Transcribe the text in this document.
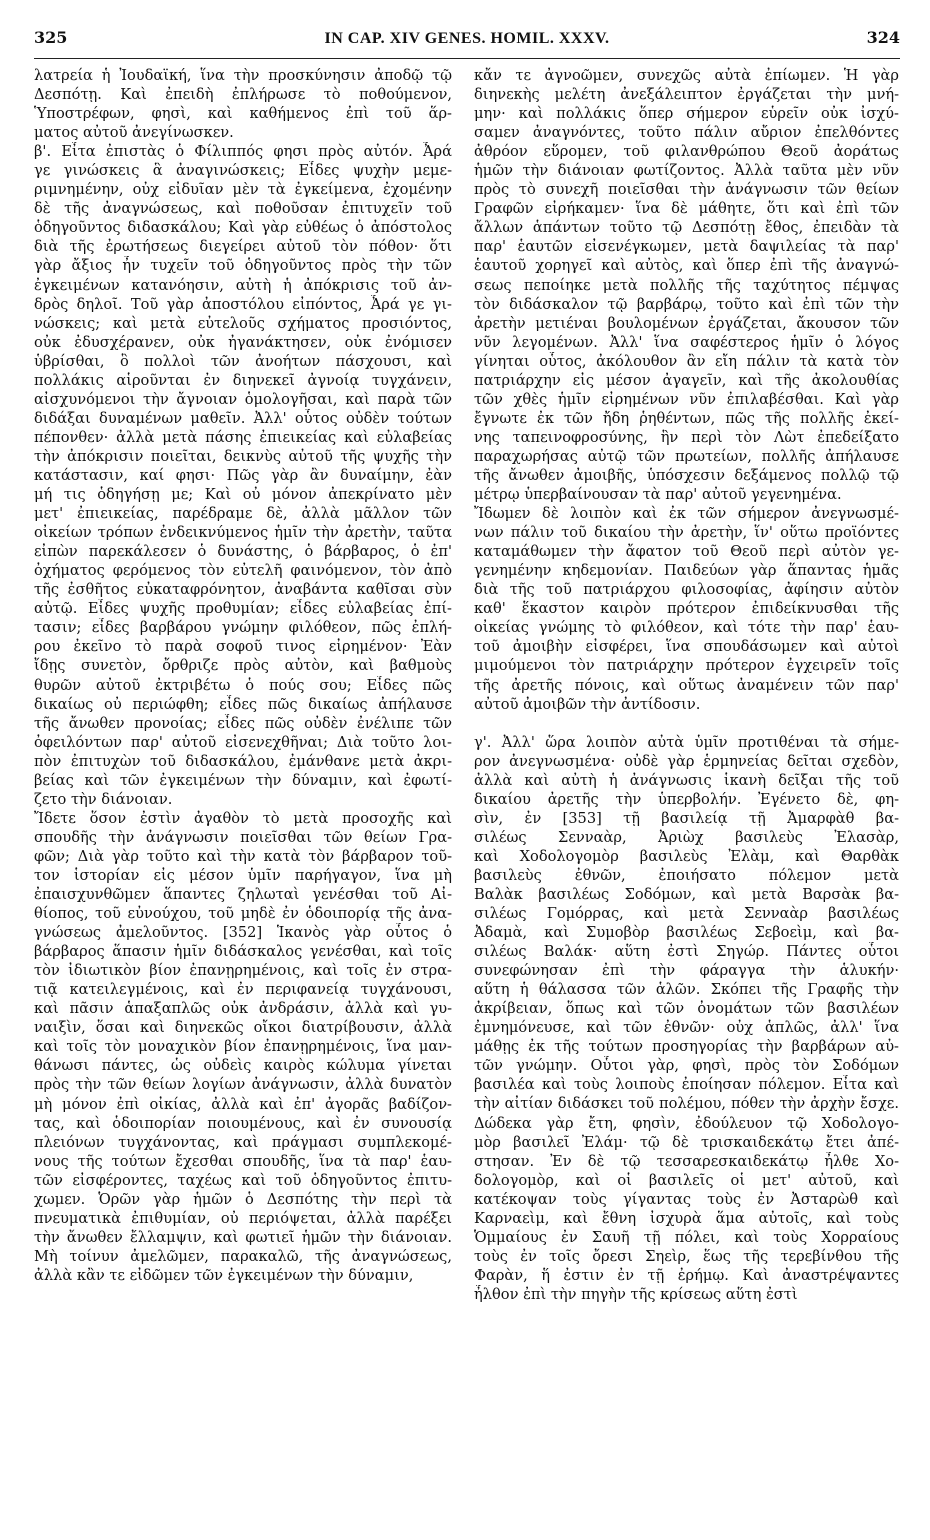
325	IN CAP. XIV GENES. HOMIL. XXXV.	324
λατρεία ἡ Ἰουδαϊκή, ἵνα τὴν προσκύνησιν ἀποδῷ τῷ
Δεσπότῃ. Καὶ ἐπειδὴ ἐπλήρωσε τὸ ποθούμενον,
Ὑποστρέφων, φησὶ, καὶ καθήμενος ἐπὶ τοῦ ἅρ-
ματος αὐτοῦ ἀνεγίνωσκεν.
β'. Εἶτα ἐπιστὰς ὁ Φίλιππός φησι πρὸς αὐτόν. Ἆρά
γε γινώσκεις ἃ ἀναγινώσκεις; Εἶδες ψυχὴν μεμε-
ριμνημένην, οὐχ εἰδυῖαν μὲν τὰ ἐγκείμενα, ἐχομένην
δὲ τῆς ἀναγνώσεως, καὶ ποθοῦσαν ἐπιτυχεῖν τοῦ
ὁδηγοῦντος διδασκάλου; Καὶ γὰρ εὐθέως ὁ ἀπόστολος
διὰ τῆς ἐρωτήσεως διεγείρει αὐτοῦ τὸν πόθον· ὅτι
γὰρ ἄξιος ἦν τυχεῖν τοῦ ὁδηγοῦντος πρὸς τὴν τῶν
ἐγκειμένων κατανόησιν, αὐτὴ ἡ ἀπόκρισις τοῦ ἀν-
δρὸς δηλοῖ. Τοῦ γὰρ ἀποστόλου εἰπόντος, Ἆρά γε γι-
νώσκεις; καὶ μετὰ εὐτελοῦς σχήματος προσιόντος,
οὐκ ἐδυσχέρανεν, οὐκ ἠγανάκτησεν, οὐκ ἐνόμισεν
ὑβρίσθαι, ὃ πολλοὶ τῶν ἀνοήτων πάσχουσι, καὶ
πολλάκις αἱροῦνται ἐν διηνεκεῖ ἀγνοίᾳ τυγχάνειν,
αἰσχυνόμενοι τὴν ἄγνοιαν ὁμολογῆσαι, καὶ παρὰ τῶν
διδάξαι δυναμένων μαθεῖν. Ἀλλ' οὗτος οὐδὲν τούτων
πέπονθεν· ἀλλὰ μετὰ πάσης ἐπιεικείας καὶ εὐλαβείας
τὴν ἀπόκρισιν ποιεῖται, δεικνὺς αὐτοῦ τῆς ψυχῆς τὴν
κατάστασιν, καί φησι· Πῶς γὰρ ἂν δυναίμην, ἐὰν
μή τις ὁδηγήσῃ με; Καὶ οὐ μόνον ἀπεκρίνατο μὲν
μετ' ἐπιεικείας, παρέδραμε δὲ, ἀλλὰ μᾶλλον τῶν
οἰκείων τρόπων ἐνδεικνύμενος ἡμῖν τὴν ἀρετὴν, ταῦτα
εἰπὼν παρεκάλεσεν ὁ δυνάστης, ὁ βάρβαρος, ὁ ἐπ'
ὀχήματος φερόμενος τὸν εὐτελῆ φαινόμενον, τὸν ἀπὸ
τῆς ἐσθῆτος εὐκαταφρόνητον, ἀναβάντα καθῖσαι σὺν
αὐτῷ. Εἶδες ψυχῆς προθυμίαν; εἶδες εὐλαβείας ἐπί-
τασιν; εἶδες βαρβάρου γνώμην φιλόθεον, πῶς ἐπλή-
ρου ἐκεῖνο τὸ παρὰ σοφοῦ τινος εἰρημένον· Ἐὰν
ἴδῃς συνετὸν, ὄρθριζε πρὸς αὐτὸν, καὶ βαθμοὺς
θυρῶν αὐτοῦ ἐκτριβέτω ὁ πούς σου; Εἶδες πῶς
δικαίως οὐ περιώφθη; εἶδες πῶς δικαίως ἀπήλαυσε
τῆς ἄνωθεν προνοίας; εἶδες πῶς οὐδὲν ἐνέλιπε τῶν
ὀφειλόντων παρ' αὐτοῦ εἰσενεχθῆναι; Διὰ τοῦτο λοι-
πὸν ἐπιτυχὼν τοῦ διδασκάλου, ἐμάνθανε μετὰ ἀκρι-
βείας καὶ τῶν ἐγκειμένων τὴν δύναμιν, καὶ ἐφωτί-
ζετο τὴν διάνοιαν.
Ἴδετε ὅσον ἐστὶν ἀγαθὸν τὸ μετὰ προσοχῆς καὶ
σπουδῆς τὴν ἀνάγνωσιν ποιεῖσθαι τῶν θείων Γρα-
φῶν; Διὰ γὰρ τοῦτο καὶ τὴν κατὰ τὸν βάρβαρον τοῦ-
τον ἱστορίαν εἰς μέσον ὑμῖν παρήγαγον, ἵνα μὴ
ἐπαισχυνθῶμεν ἅπαντες ζηλωταὶ γενέσθαι τοῦ Αἰ-
θίοπος, τοῦ εὐνούχου, τοῦ μηδὲ ἐν ὁδοιπορίᾳ τῆς ἀνα-
γνώσεως ἀμελοῦντος. [352] Ἱκανὸς γὰρ οὗτος ὁ
βάρβαρος ἅπασιν ἡμῖν διδάσκαλος γενέσθαι, καὶ τοῖς
τὸν ἰδιωτικὸν βίον ἐπανῃρημένοις, καὶ τοῖς ἐν στρα-
τιᾷ κατειλεγμένοις, καὶ ἐν περιφανείᾳ τυγχάνουσι,
καὶ πᾶσιν ἁπαξαπλῶς οὐκ ἀνδράσιν, ἀλλὰ καὶ γυ-
ναιξὶν, ὅσαι καὶ διηνεκῶς οἴκοι διατρίβουσιν, ἀλλὰ
καὶ τοῖς τὸν μοναχικὸν βίον ἐπανῃρημένοις, ἵνα μαν-
θάνωσι πάντες, ὡς οὐδεὶς καιρὸς κώλυμα γίνεται
πρὸς τὴν τῶν θείων λογίων ἀνάγνωσιν, ἀλλὰ δυνατὸν
μὴ μόνον ἐπὶ οἰκίας, ἀλλὰ καὶ ἐπ' ἀγορᾶς βαδίζον-
τας, καὶ ὁδοιπορίαν ποιουμένους, καὶ ἐν συνουσίᾳ
πλειόνων τυγχάνοντας, καὶ πράγμασι συμπλεκομέ-
νους τῆς τούτων ἔχεσθαι σπουδῆς, ἵνα τὰ παρ' ἑαυ-
τῶν εἰσφέροντες, ταχέως καὶ τοῦ ὁδηγοῦντος ἐπιτυ-
χωμεν. Ὁρῶν γὰρ ἡμῶν ὁ Δεσπότης τὴν περὶ τὰ
πνευματικὰ ἐπιθυμίαν, οὐ περιόψεται, ἀλλὰ παρέξει
τὴν ἄνωθεν ἔλλαμψιν, καὶ φωτιεῖ ἡμῶν τὴν διάνοιαν.
Μὴ τοίνυν ἀμελῶμεν, παρακαλῶ, τῆς ἀναγνώσεως,
ἀλλὰ κἂν τε εἰδῶμεν τῶν ἐγκειμένων τὴν δύναμιν,
κἄν τε ἀγνοῶμεν, συνεχῶς αὐτὰ ἐπίωμεν. Ἡ γὰρ
διηνεκὴς μελέτη ἀνεξάλειπτον ἐργάζεται τὴν μνή-
μην· καὶ πολλάκις ὅπερ σήμερον εὑρεῖν οὐκ ἰσχύ-
σαμεν ἀναγνόντες, τοῦτο πάλιν αὔριον ἐπελθόντες
ἀθρόον εὕρομεν, τοῦ φιλανθρώπου Θεοῦ ἀοράτως
ἡμῶν τὴν διάνοιαν φωτίζοντος. Ἀλλὰ ταῦτα μὲν νῦν
πρὸς τὸ συνεχῆ ποιεῖσθαι τὴν ἀνάγνωσιν τῶν θείων
Γραφῶν εἰρήκαμεν· ἵνα δὲ μάθητε, ὅτι καὶ ἐπὶ τῶν
ἄλλων ἁπάντων τοῦτο τῷ Δεσπότῃ ἔθος, ἐπειδὰν τὰ
παρ' ἑαυτῶν εἰσενέγκωμεν, μετὰ δαψιλείας τὰ παρ'
ἑαυτοῦ χορηγεῖ καὶ αὐτὸς, καὶ ὅπερ ἐπὶ τῆς ἀναγνώ-
σεως πεποίηκε μετὰ πολλῆς τῆς ταχύτητος πέμψας
τὸν διδάσκαλον τῷ βαρβάρῳ, τοῦτο καὶ ἐπὶ τῶν τὴν
ἀρετὴν μετιέναι βουλομένων ἐργάζεται, ἄκουσον τῶν
νῦν λεγομένων. Ἀλλ' ἵνα σαφέστερος ἡμῖν ὁ λόγος
γίνηται οὗτος, ἀκόλουθον ἂν εἴη πάλιν τὰ κατὰ τὸν
πατριάρχην εἰς μέσον ἀγαγεῖν, καὶ τῆς ἀκολουθίας
τῶν χθὲς ἡμῖν εἰρημένων νῦν ἐπιλαβέσθαι. Καὶ γὰρ
ἔγνωτε ἐκ τῶν ἤδη ῥηθέντων, πῶς τῆς πολλῆς ἐκεί-
νης ταπεινοφροσύνης, ἣν περὶ τὸν Λὼτ ἐπεδείξατο
παραχωρήσας αὐτῷ τῶν πρωτείων, πολλῆς ἀπήλαυσε
τῆς ἄνωθεν ἀμοιβῆς, ὑπόσχεσιν δεξάμενος πολλῷ τῷ
μέτρῳ ὑπερβαίνουσαν τὰ παρ' αὐτοῦ γεγενημένα.
Ἴδωμεν δὲ λοιπὸν καὶ ἐκ τῶν σήμερον ἀνεγνωσμέ-
νων πάλιν τοῦ δικαίου τὴν ἀρετὴν, ἵν' οὕτω προϊόντες
καταμάθωμεν τὴν ἄφατον τοῦ Θεοῦ περὶ αὐτὸν γε-
γενημένην κηδεμονίαν. Παιδεύων γὰρ ἅπαντας ἡμᾶς
διὰ τῆς τοῦ πατριάρχου φιλοσοφίας, ἀφίησιν αὐτὸν
καθ' ἕκαστον καιρὸν πρότερον ἐπιδείκνυσθαι τῆς
οἰκείας γνώμης τὸ φιλόθεον, καὶ τότε τὴν παρ' ἑαυ-
τοῦ ἀμοιβὴν εἰσφέρει, ἵνα σπουδάσωμεν καὶ αὐτοὶ
μιμούμενοι τὸν πατριάρχην πρότερον ἐγχειρεῖν τοῖς
τῆς ἀρετῆς πόνοις, καὶ οὕτως ἀναμένειν τῶν παρ'
αὐτοῦ ἀμοιβῶν τὴν ἀντίδοσιν.
γ'. Ἀλλ' ὥρα λοιπὸν αὐτὰ ὑμῖν προτιθέναι τὰ σήμε-
ρον ἀνεγνωσμένα· οὐδὲ γὰρ ἑρμηνείας δεῖται σχεδὸν,
ἀλλὰ καὶ αὐτὴ ἡ ἀνάγνωσις ἱκανὴ δεῖξαι τῆς τοῦ
δικαίου ἀρετῆς τὴν ὑπερβολήν. Ἐγένετο δὲ, φη-
σὶν, ἐν [353] τῇ βασιλείᾳ τῇ Ἀμαρφὰθ βα-
σιλέως Σενναὰρ, Ἀριὼχ βασιλεὺς Ἐλασὰρ,
καὶ Χοδολογομὸρ βασιλεὺς Ἐλὰμ, καὶ Θαρθὰκ
βασιλεὺς ἐθνῶν, ἐποιήσατο πόλεμον μετὰ
Βαλὰκ βασιλέως Σοδόμων, καὶ μετὰ Βαρσὰκ βα-
σιλέως Γομόρρας, καὶ μετὰ Σενναὰρ βασιλέως
Ἀδαμὰ, καὶ Συμοβὸρ βασιλέως Σεβοεὶμ, καὶ βα-
σιλέως Βαλάκ· αὕτη ἐστὶ Σηγώρ. Πάντες οὗτοι
συνεφώνησαν ἐπὶ τὴν φάραγγα τὴν ἁλυκήν·
αὕτη ἡ θάλασσα τῶν ἁλῶν. Σκόπει τῆς Γραφῆς τὴν
ἀκρίβειαν, ὅπως καὶ τῶν ὀνομάτων τῶν βασιλέων
ἐμνημόνευσε, καὶ τῶν ἐθνῶν· οὐχ ἁπλῶς, ἀλλ' ἵνα
μάθῃς ἐκ τῆς τούτων προσηγορίας τὴν βαρβάρων αὐ-
τῶν γνώμην. Οὗτοι γὰρ, φησὶ, πρὸς τὸν Σοδόμων
βασιλέα καὶ τοὺς λοιποὺς ἐποίησαν πόλεμον. Εἶτα καὶ
τὴν αἰτίαν διδάσκει τοῦ πολέμου, πόθεν τὴν ἀρχὴν ἔσχε.
Δώδεκα γὰρ ἔτη, φησὶν, ἐδούλευον τῷ Χοδολογο-
μὸρ βασιλεῖ Ἐλάμ· τῷ δὲ τρισκαιδεκάτῳ ἔτει ἀπέ-
στησαν. Ἐν δὲ τῷ τεσσαρεσκαιδεκάτῳ ἦλθε Χο-
δολογομὸρ, καὶ οἱ βασιλεῖς οἱ μετ' αὐτοῦ, καὶ
κατέκοψαν τοὺς γίγαντας τοὺς ἐν Ἀσταρὼθ καὶ
Καρναεὶμ, καὶ ἔθνη ἰσχυρὰ ἅμα αὐτοῖς, καὶ τοὺς
Ὁμμαίους ἐν Σαυῆ τῇ πόλει, καὶ τοὺς Χορραίους
τοὺς ἐν τοῖς ὄρεσι Σηεὶρ, ἕως τῆς τερεβίνθου τῆς
Φαρὰν, ἥ ἐστιν ἐν τῇ ἐρήμῳ. Καὶ ἀναστρέψαντες
ἦλθον ἐπὶ τὴν πηγὴν τῆς κρίσεως αὕτη ἐστὶ
